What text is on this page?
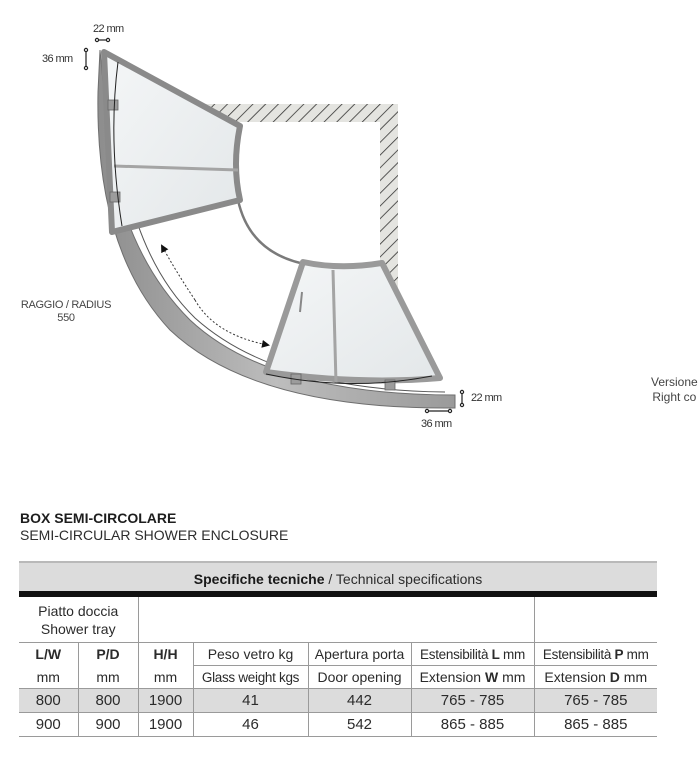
22 mm
36 mm
22 mm
36 mm
RAGGIO / RADIUS
550
Versione
Right co
BOX SEMI-CIRCOLARE
SEMI-CIRCULAR SHOWER ENCLOSURE
Specifiche tecniche / Technical specifications						

Piatto doccia
Shower tray						

L/W	P/D	H/H	Peso vetro kg	Apertura porta	Estensibilità L mm	Estensibilità P mm
mm	mm	mm	Glass weight kgs	Door opening	Extension W mm	Extension D mm
800	800	1900	41	442	765 - 785	765 - 785
900	900	1900	46	542	865 - 885	865 - 885
